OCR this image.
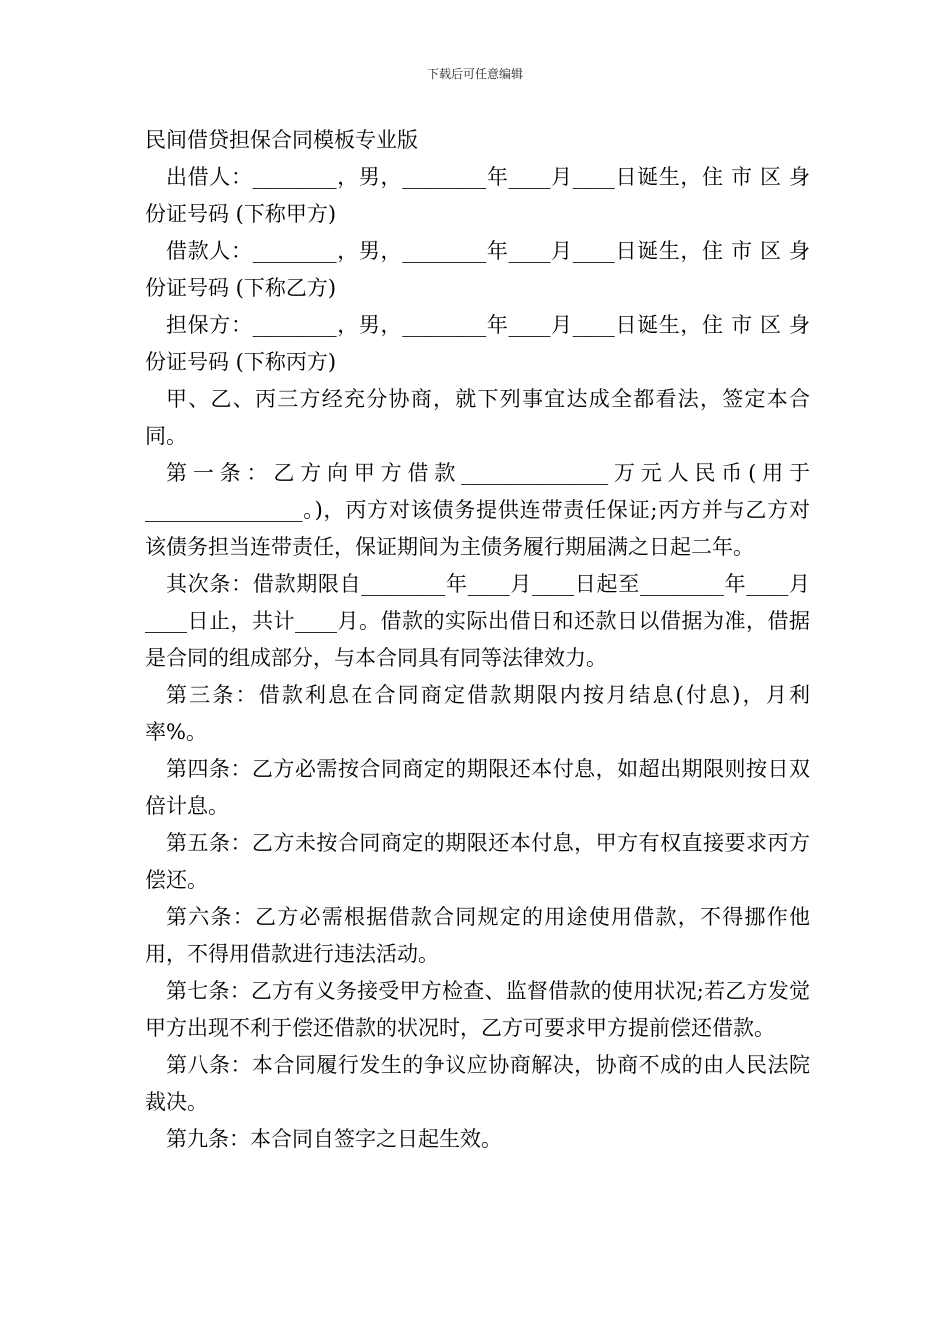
下载后可任意编辑
民间借贷担保合同模板专业版
出借人：________，男，________年____月____日诞生，住 市 区 身份证号码 (下称甲方)
借款人：________，男，________年____月____日诞生，住 市 区 身份证号码 (下称乙方)
担保方：________，男，________年____月____日诞生，住 市 区 身份证号码 (下称丙方)
甲、乙、丙三方经充分协商，就下列事宜达成全都看法，签定本合同。
第一条：乙方向甲方借款______________万元人民币(用于_______________。)，丙方对该债务提供连带责任保证;丙方并与乙方对该债务担当连带责任，保证期间为主债务履行期届满之日起二年。
其次条：借款期限自________年____月____日起至________年____月____日止，共计____月。借款的实际出借日和还款日以借据为准，借据是合同的组成部分，与本合同具有同等法律效力。
第三条：借款利息在合同商定借款期限内按月结息(付息)，月利率%。
第四条：乙方必需按合同商定的期限还本付息，如超出期限则按日双倍计息。
第五条：乙方未按合同商定的期限还本付息，甲方有权直接要求丙方偿还。
第六条：乙方必需根据借款合同规定的用途使用借款，不得挪作他用，不得用借款进行违法活动。
第七条：乙方有义务接受甲方检查、监督借款的使用状况;若乙方发觉甲方出现不利于偿还借款的状况时，乙方可要求甲方提前偿还借款。
第八条：本合同履行发生的争议应协商解决，协商不成的由人民法院裁决。
第九条：本合同自签字之日起生效。
